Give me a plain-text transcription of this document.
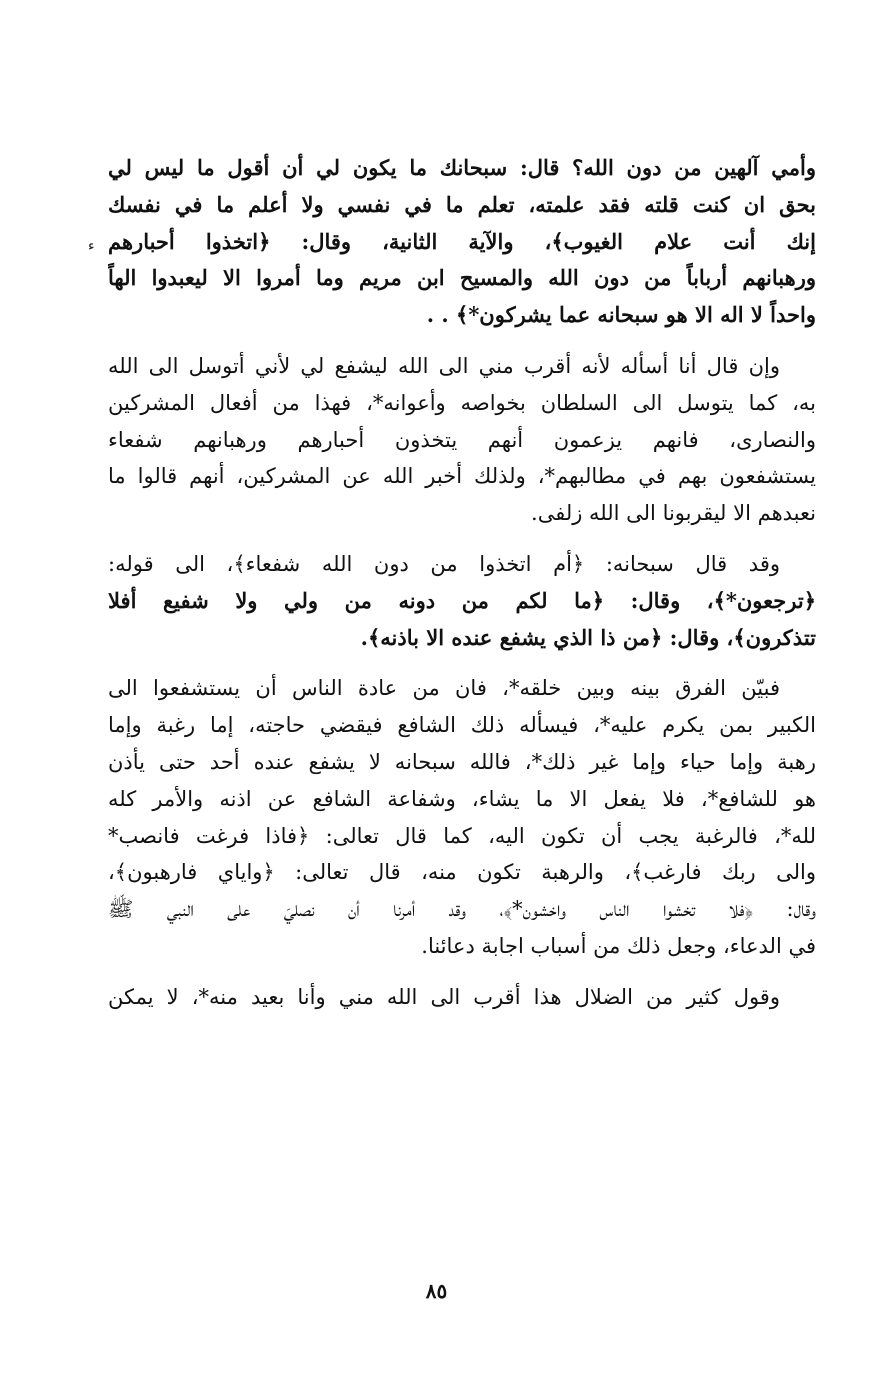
ء
وأمي آلهين من دون الله؟ قال: سبحانك ما يكون لي أن أقول ما ليس لي
بحق ان كنت قلته فقد علمته، تعلم ما في نفسي ولا أعلم ما في نفسك
إنك أنت علام الغيوب﴾، والآية الثانية، وقال: ﴿اتخذوا أحبارهم
ورهبانهم أرباباً من دون الله والمسيح ابن مريم وما أمروا الا ليعبدوا الهاً
واحداً لا اله الا هو سبحانه عما يشركون*﴾ . .
وإن قال أنا أسأله لأنه أقرب مني الى الله ليشفع لي لأني أتوسل الى الله
به، كما يتوسل الى السلطان بخواصه وأعوانه*، فهذا من أفعال المشركين
والنصارى، فانهم يزعمون أنهم يتخذون أحبارهم ورهبانهم شفعاء
يستشفعون بهم في مطالبهم*، ولذلك أخبر الله عن المشركين، أنهم قالوا ما
نعبدهم الا ليقربونا الى الله زلفى.
وقد قال سبحانه: ﴿أم اتخذوا من دون الله شفعاء﴾، الى قوله:
﴿ترجعون*﴾، وقال: ﴿ما لكم من دونه من ولي ولا شفيع أفلا
تتذكرون﴾، وقال: ﴿من ذا الذي يشفع عنده الا باذنه﴾.
فبيّن الفرق بينه وبين خلقه*، فان من عادة الناس أن يستشفعوا الى
الكبير بمن يكرم عليه*، فيسأله ذلك الشافع فيقضي حاجته، إما رغبة وإما
رهبة وإما حياء وإما غير ذلك*، فالله سبحانه لا يشفع عنده أحد حتى يأذن
هو للشافع*، فلا يفعل الا ما يشاء، وشفاعة الشافع عن اذنه والأمر كله
لله*، فالرغبة يجب أن تكون اليه، كما قال تعالى: ﴿فاذا فرغت فانصب*
والى ربك فارغب﴾، والرهبة تكون منه، قال تعالى: ﴿واياي فارهبون﴾،
وقال: ﴿فلا تخشوا الناس واخشون*﴾، وقد أمرنا أن نصليَ على النبي ﷺ
في الدعاء، وجعل ذلك من أسباب اجابة دعائنا.
وقول كثير من الضلال هذا أقرب الى الله مني وأنا بعيد منه*، لا يمكن
٨٥
